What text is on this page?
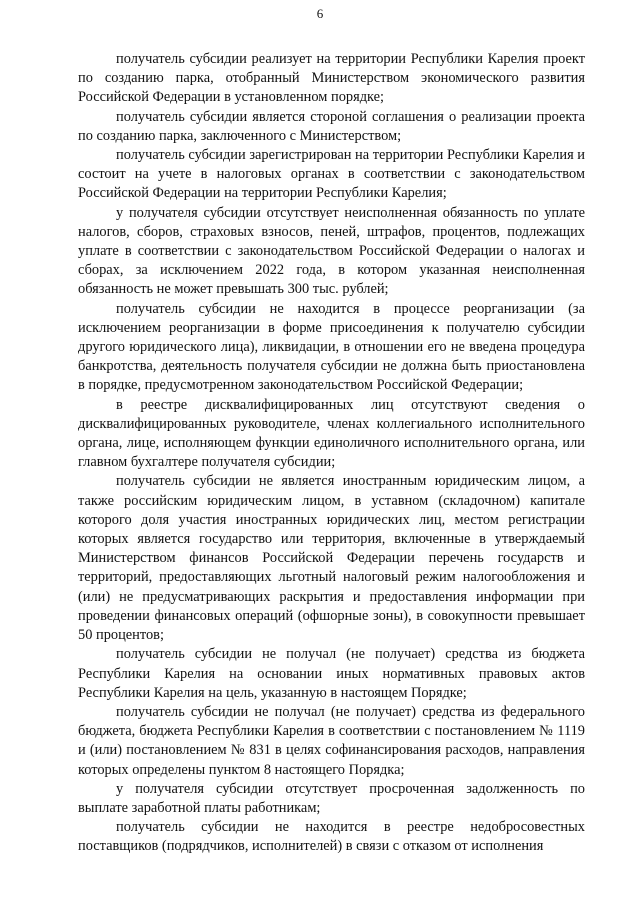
6

получатель субсидии реализует на территории Республики Карелия проект по созданию парка, отобранный Министерством экономического развития Российской Федерации в установленном порядке;

получатель субсидии является стороной соглашения о реализации проекта по созданию парка, заключенного с Министерством;

получатель субсидии зарегистрирован на территории Республики Карелия и состоит на учете в налоговых органах в соответствии с законодательством Российской Федерации на территории Республики Карелия;

у получателя субсидии отсутствует неисполненная обязанность по уплате налогов, сборов, страховых взносов, пеней, штрафов, процентов, подлежащих уплате в соответствии с законодательством Российской Федерации о налогах и сборах, за исключением 2022 года, в котором указанная неисполненная обязанность не может превышать 300 тыс. рублей;

получатель субсидии не находится в процессе реорганизации (за исключением реорганизации в форме присоединения к получателю субсидии другого юридического лица), ликвидации, в отношении его не введена процедура банкротства, деятельность получателя субсидии не должна быть приостановлена в порядке, предусмотренном законодательством Российской Федерации;

в реестре дисквалифицированных лиц отсутствуют сведения о дисквалифицированных руководителе, членах коллегиального исполнительного органа, лице, исполняющем функции единоличного исполнительного органа, или главном бухгалтере получателя субсидии;

получатель субсидии не является иностранным юридическим лицом, а также российским юридическим лицом, в уставном (складочном) капитале которого доля участия иностранных юридических лиц, местом регистрации которых является государство или территория, включенные в утверждаемый Министерством финансов Российской Федерации перечень государств и территорий, предоставляющих льготный налоговый режим налогообложения и (или) не предусматривающих раскрытия и предоставления информации при проведении финансовых операций (офшорные зоны), в совокупности превышает 50 процентов;

получатель субсидии не получал (не получает) средства из бюджета Республики Карелия на основании иных нормативных правовых актов Республики Карелия на цель, указанную в настоящем Порядке;

получатель субсидии не получал (не получает) средства из федерального бюджета, бюджета Республики Карелия в соответствии с постановлением № 1119 и (или) постановлением № 831 в целях софинансирования расходов, направления которых определены пунктом 8 настоящего Порядка;

у получателя субсидии отсутствует просроченная задолженность по выплате заработной платы работникам;

получатель субсидии не находится в реестре недобросовестных поставщиков (подрядчиков, исполнителей) в связи с отказом от исполнения
